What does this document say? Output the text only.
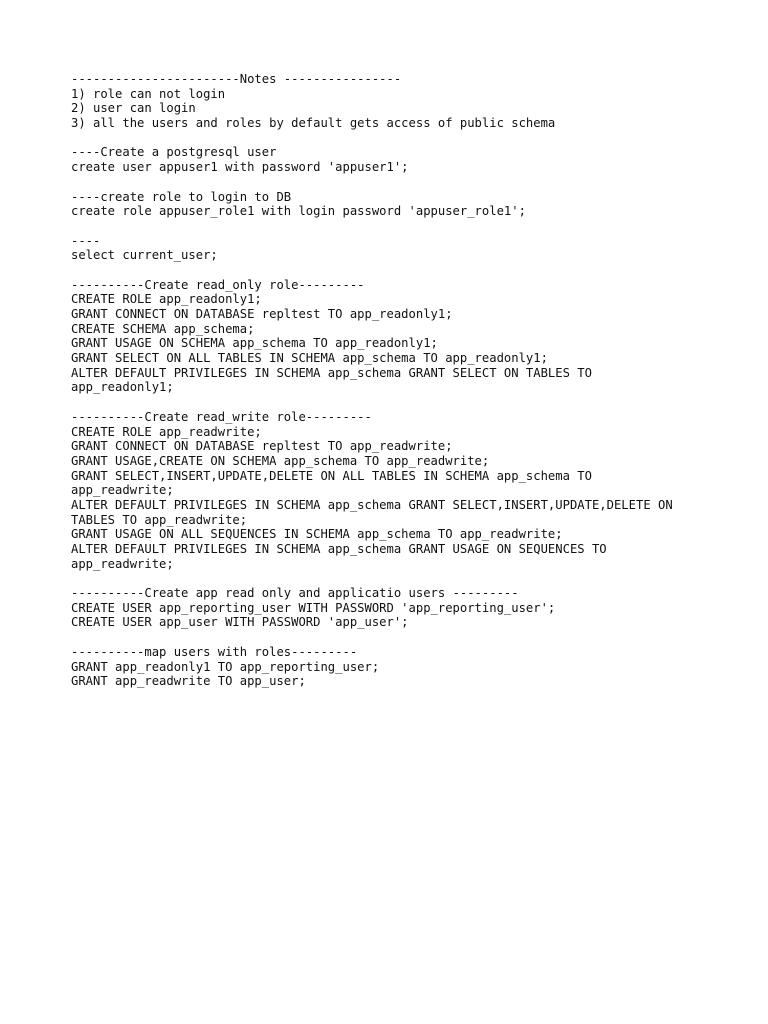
-----------------------Notes ----------------
1) role can not login
2) user can login
3) all the users and roles by default gets access of public schema
----Create a postgresql user
create user appuser1 with password 'appuser1';
----create role to login to DB
create role appuser_role1 with login password 'appuser_role1';
----
select current_user;
----------Create read_only role---------
CREATE ROLE app_readonly1;
GRANT CONNECT ON DATABASE repltest TO app_readonly1;
CREATE SCHEMA app_schema;
GRANT USAGE ON SCHEMA app_schema TO app_readonly1;
GRANT SELECT ON ALL TABLES IN SCHEMA app_schema TO app_readonly1;
ALTER DEFAULT PRIVILEGES IN SCHEMA app_schema GRANT SELECT ON TABLES TO
app_readonly1;
----------Create read_write role---------
CREATE ROLE app_readwrite;
GRANT CONNECT ON DATABASE repltest TO app_readwrite;
GRANT USAGE,CREATE ON SCHEMA app_schema TO app_readwrite;
GRANT SELECT,INSERT,UPDATE,DELETE ON ALL TABLES IN SCHEMA app_schema TO
app_readwrite;
ALTER DEFAULT PRIVILEGES IN SCHEMA app_schema GRANT SELECT,INSERT,UPDATE,DELETE ON
TABLES TO app_readwrite;
GRANT USAGE ON ALL SEQUENCES IN SCHEMA app_schema TO app_readwrite;
ALTER DEFAULT PRIVILEGES IN SCHEMA app_schema GRANT USAGE ON SEQUENCES TO
app_readwrite;
----------Create app read only and applicatio users ---------
CREATE USER app_reporting_user WITH PASSWORD 'app_reporting_user';
CREATE USER app_user WITH PASSWORD 'app_user';
----------map users with roles---------
GRANT app_readonly1 TO app_reporting_user;
GRANT app_readwrite TO app_user;
